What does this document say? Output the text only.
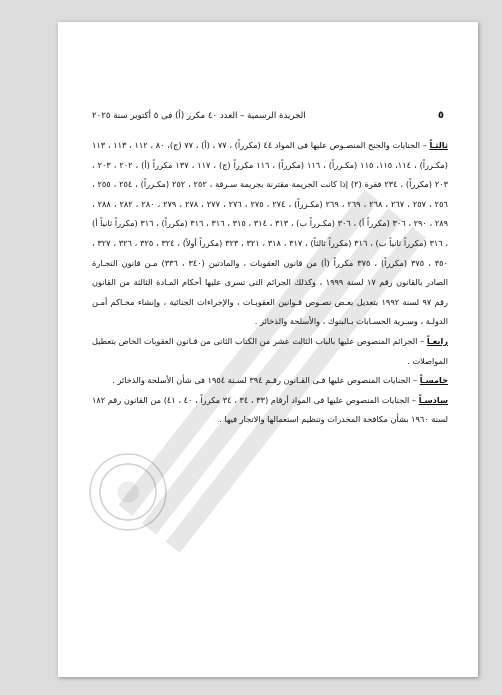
٥
الجريدة الرسمية – العدد ٤٠ مكرر (أ) فى ٥ أكتوبر سنة ٢٠٢٥

ثالثـاً – الجنايات والجنح المنصـوص عليها فى المواد ٤٤ (مكرراً) ، ٧٧ ، (أ) ، ٧٧ (ج)، ٨٠ ، ١١٢ ، ١١٣ ، ١١٣ (مكـرراً) ، ١١٤، ١١٥، ١١٥ (مكـرراً) ، ١١٦ (مكرراً) ، ١١٦ مكرراً (ج) ، ١١٧ ، ١٣٧ مكرراً (أ) ، ٢٠٢ ، ٢٠٣ ، ٢٠٣ (مكرراً) ، ٢٣٤ فقرة (٢) إذا كانت الجريمة مقترنة بجريمة سـرقة ، ٢٥٢ ، ٢٥٢ (مكـرراً) ، ٢٥٤ ، ٢٥٥ ، ٢٥٦ ، ٢٥٧ ، ٢٦٧ ، ٢٦٨ ، ٢٦٩ ، ٢٦٩ (مكـرراً) ، ٢٧٤ ، ٢٧٥ ، ٢٧٦ ، ٢٧٧ ، ٢٧٨ ، ٢٧٩ ، ٢٨٠ ، ٢٨٢ ، ٢٨٨ ، ٢٨٩ ، ٢٩٠ ، ٣٠٦ (مكرراً أ) ، ٣٠٦ (مكـرراً ب) ، ٣١٣ ، ٣١٤ ، ٣١٥ ، ٣١٦ ، ٣١٦ (مكرراً) ، ٣١٦ (مكرراً ثانياً أ) ، ٣١٦ (مكرراً ثانياً ب) ، ٣١٦ (مكرراً ثالثاً) ، ٣١٧ ، ٣١٨ ، ٣٢١ ، ٣٢٣ (مكرراً أولاً) ، ٣٢٤ ، ٣٢٥ ، ٣٢٦ ، ٣٢٧ ، ٣٥٠ ، ٣٧٥ (مكرراً) ، ٣٧٥ مكرراً (أ) من قانون العقوبات ، والمادتين (٣٤٠ ، ٣٣٦) مـن قانون التجـارة الصادر بالقانون رقم ١٧ لسنة ١٩٩٩ ، وكذلك الجرائم التى تسرى عليها أحكام المـادة الثالثة من القانون رقم ٩٧ لسنة ١٩٩٢ بتعديل بعـض نصـوص قـوانين العقوبـات ، والإجراءات الجنائية ، وإنشاء محـاكم أمـن الدولـة ، وسـرية الحسـابات بـالبنوك ، والأسلحة والذخائر .

رابعـاً – الجرائم المنصوص عليها بالباب الثالث عشر من الكتاب الثانى من قـانون العقوبات الخاص بتعطيل المواصلات .

خامسـاً – الجنايات المنصوص عليها فـى القـانون رقـم ٣٩٤ لسـنة ١٩٥٤ فى شأن الأسلحة والذخائر .

سادسـاً – الجنايات المنصوص عليها فى المواد أرقام (٣٣ ، ٣٤ ، ٣٤ مكرراً ، ٤٠ ، ٤١) من القانون رقم ١٨٢ لسنة ١٩٦٠ بشأن مكافحة المخدرات وتنظيم استعمالها والاتجار فيها .
